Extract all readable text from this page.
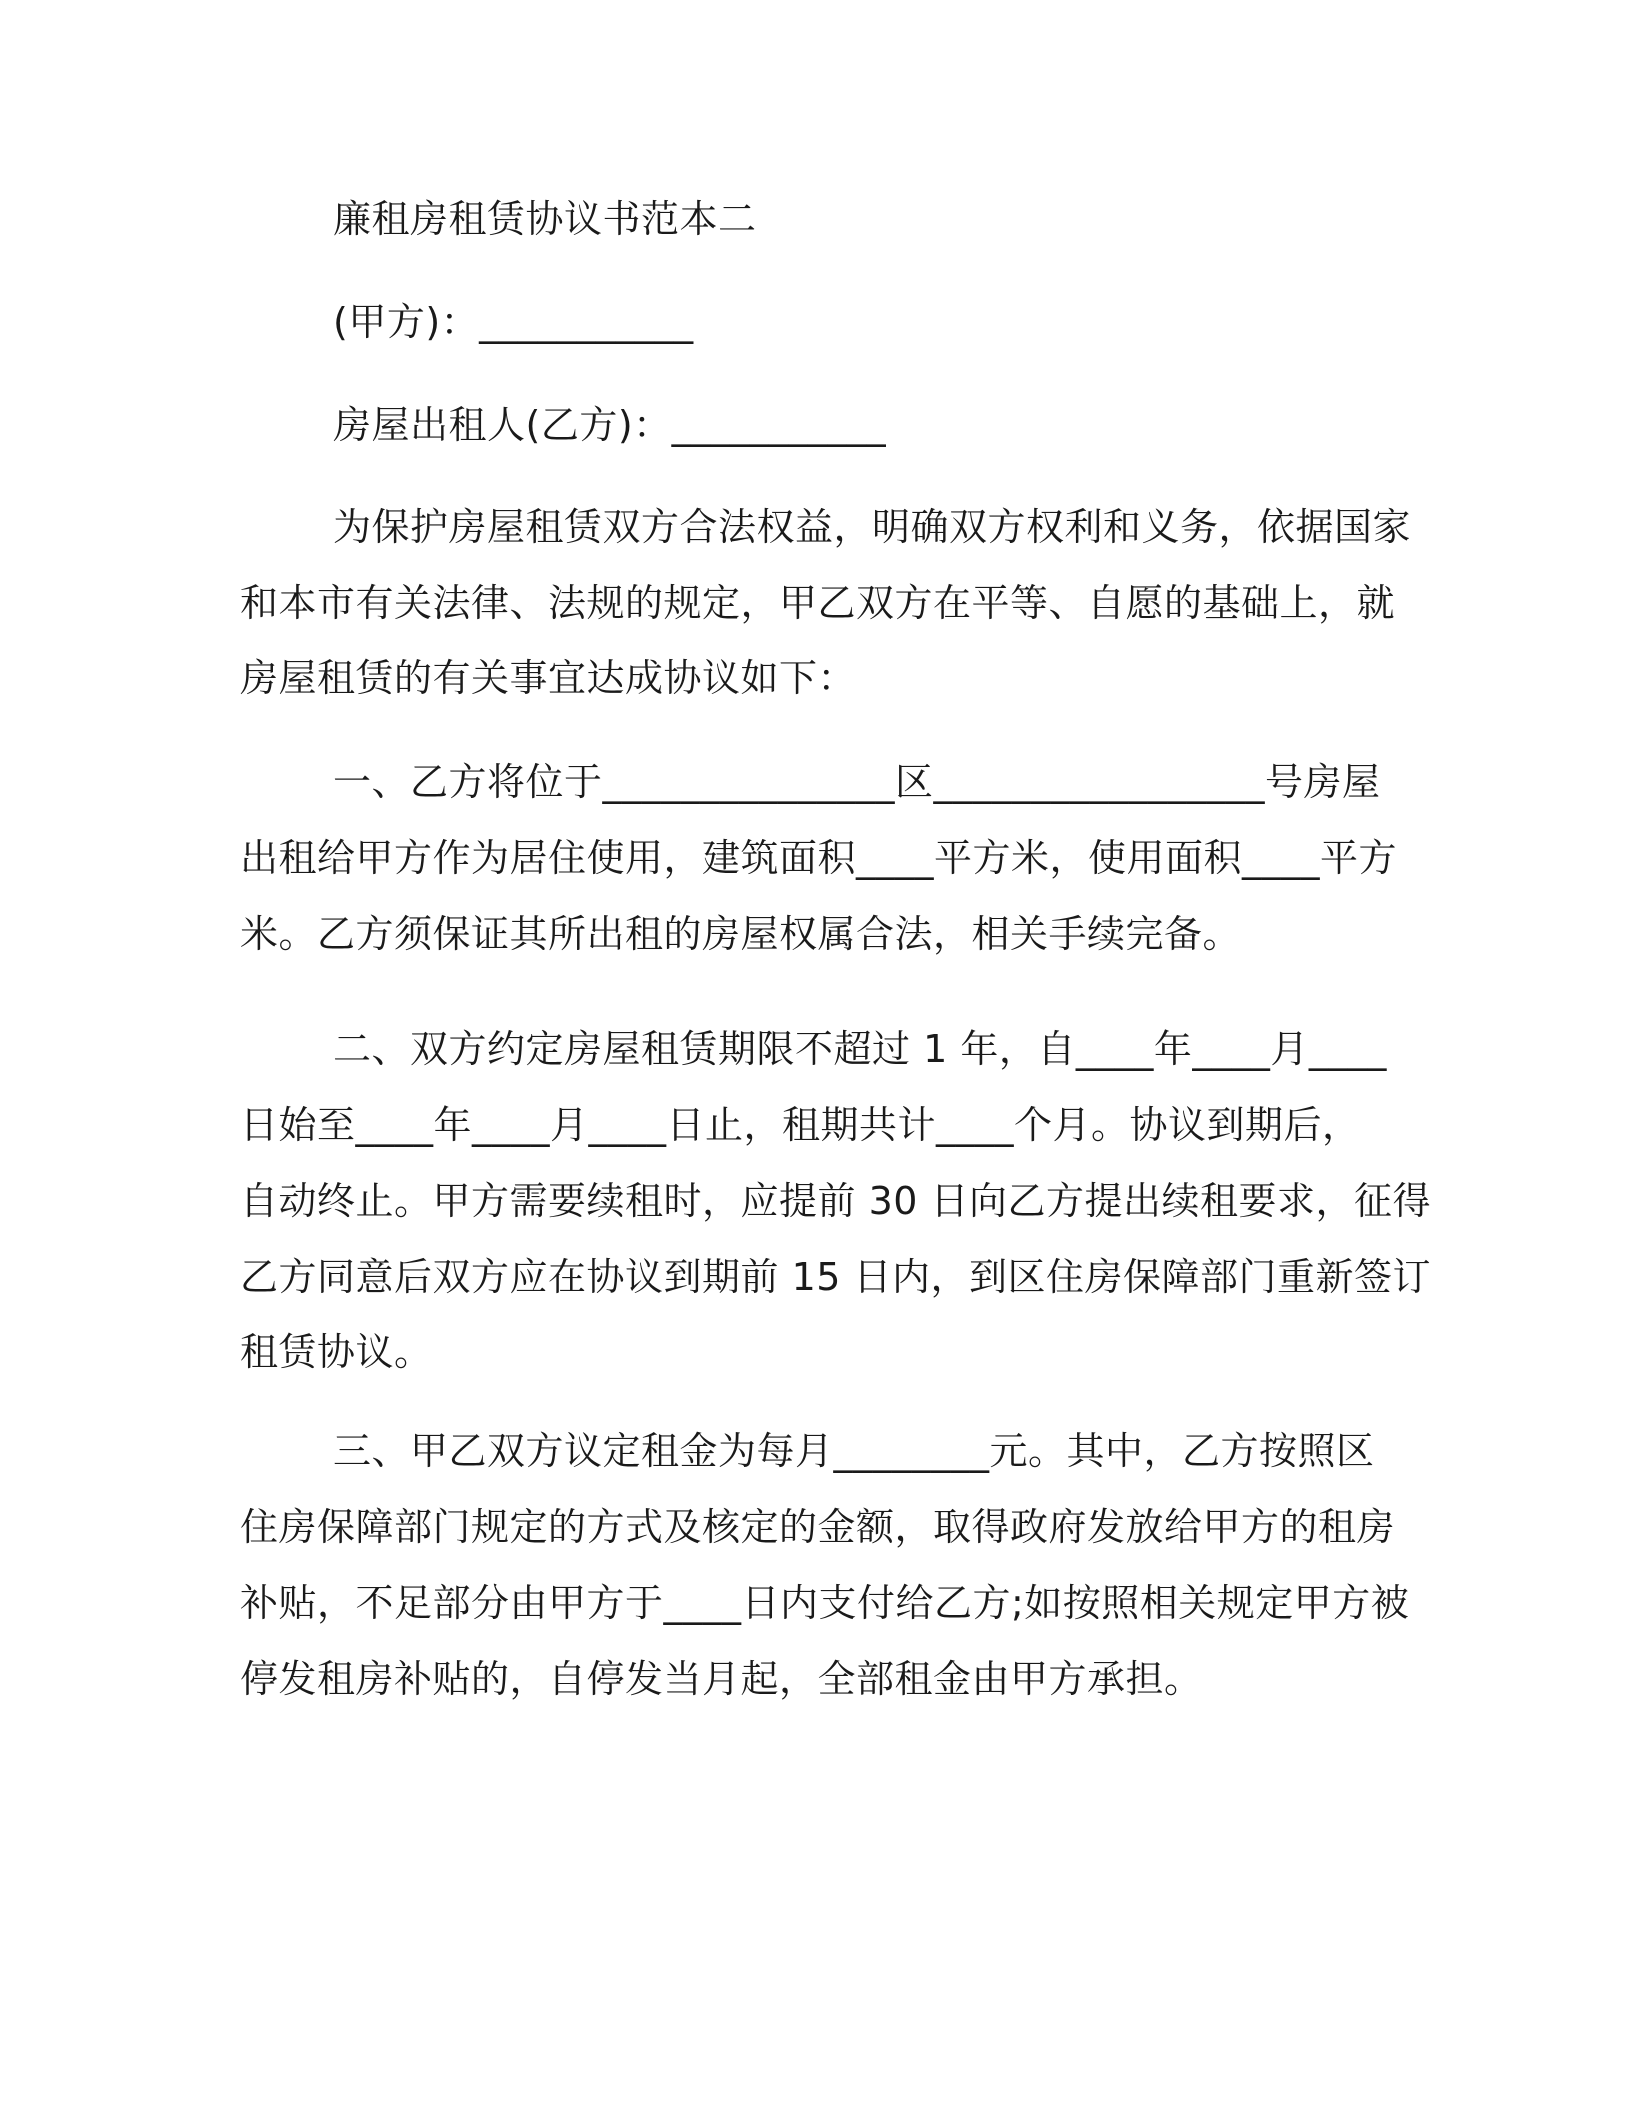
廉租房租赁协议书范本二
(甲方)：___________
房屋出租人(乙方)：___________
为保护房屋租赁双方合法权益，明确双方权利和义务，依据国家
和本市有关法律、法规的规定，甲乙双方在平等、自愿的基础上，就
房屋租赁的有关事宜达成协议如下：
一、乙方将位于_______________区_________________号房屋
出租给甲方作为居住使用，建筑面积____平方米，使用面积____平方
米。乙方须保证其所出租的房屋权属合法，相关手续完备。
二、双方约定房屋租赁期限不超过 1 年，自____年____月____
日始至____年____月____日止，租期共计____个月。协议到期后，
自动终止。甲方需要续租时，应提前 30 日向乙方提出续租要求，征得
乙方同意后双方应在协议到期前 15 日内，到区住房保障部门重新签订
租赁协议。
三、甲乙双方议定租金为每月________元。其中，乙方按照区
住房保障部门规定的方式及核定的金额，取得政府发放给甲方的租房
补贴，不足部分由甲方于____日内支付给乙方;如按照相关规定甲方被
停发租房补贴的，自停发当月起，全部租金由甲方承担。
